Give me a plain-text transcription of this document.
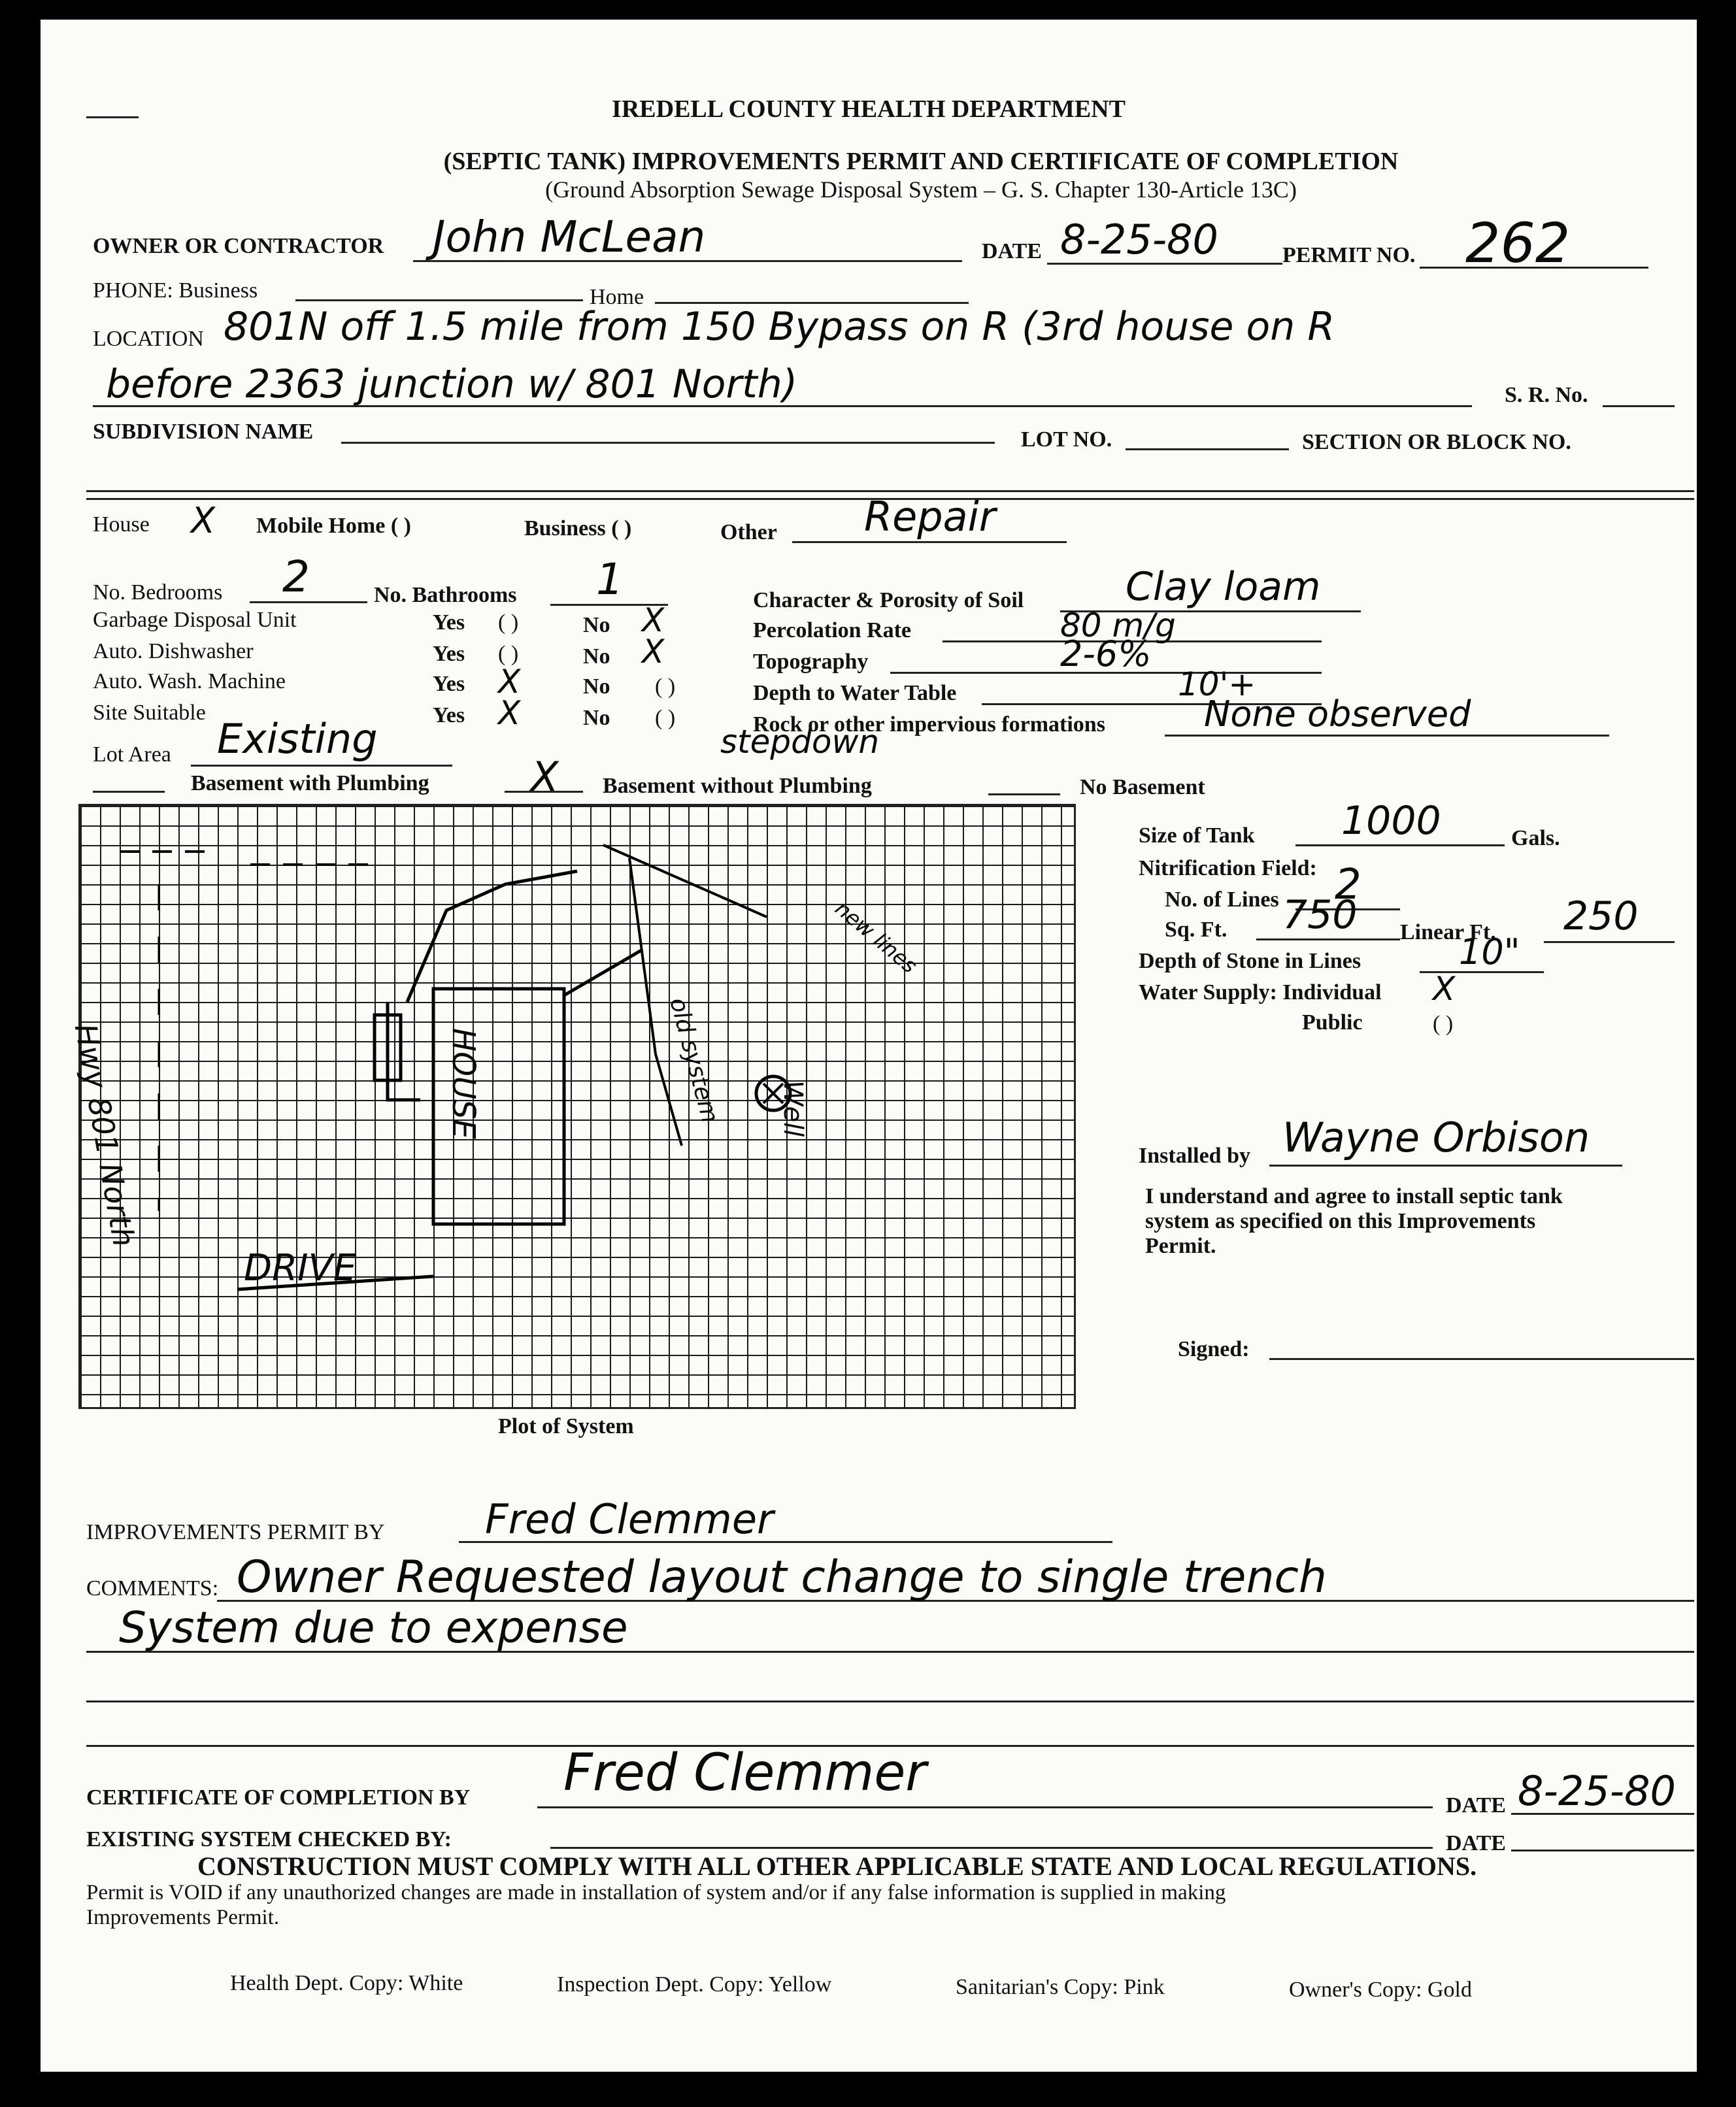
IREDELL COUNTY HEALTH DEPARTMENT
(SEPTIC TANK) IMPROVEMENTS PERMIT AND CERTIFICATE OF COMPLETION
(Ground Absorption Sewage Disposal System – G. S. Chapter 130-Article 13C)
OWNER OR CONTRACTOR John McLean	DATE 8-25-80	PERMIT NO. 262
PHONE: Business	Home
LOCATION 801N off 1.5 mile from 150 Bypass on R (3rd house on R
before 2363 junction w/ 801 North)	S. R. No.
SUBDIVISION NAME	LOT NO.	SECTION OR BLOCK NO.
House X Mobile Home ( )	Business ( )	Other Repair
No. Bedrooms 2	No. Bathrooms 1
Garbage Disposal Unit	Yes ( )	No X
Auto. Dishwasher	Yes ( )	No X
Auto. Wash. Machine	Yes X	No ( )
Site Suitable	Yes X	No ( )
Character & Porosity of Soil	Clay loam
Percolation Rate	80 m/g
Topography	2-6%
Depth to Water Table	10'+
Rock or other impervious formations	None observed
Lot Area Existing	stepdown
Basement with Plumbing	X Basement without Plumbing	No Basement
HOUSE
DRIVE
Hwy 801 North	Well
old system
new lines
Plot of System
Size of Tank 1000	Gals.
Nitrification Field:
No. of Lines 2
Sq. Ft. 750 Linear Ft. 250
Depth of Stone in Lines	10"
Water Supply: Individual X
Public	( )
Installed by Wayne Orbison
I understand and agree to install septic tank
system as specified on this Improvements
Permit.
Signed:
IMPROVEMENTS PERMIT BY Fred Clemmer
COMMENTS: Owner Requested layout change to single trench
System due to expense
CERTIFICATE OF COMPLETION BY Fred Clemmer
DATE 8-25-80
EXISTING SYSTEM CHECKED BY:	DATE
CONSTRUCTION MUST COMPLY WITH ALL OTHER APPLICABLE STATE AND LOCAL REGULATIONS.
Permit is VOID if any unauthorized changes are made in installation of system and/or if any false information is supplied in making
Improvements Permit.
Health Dept. Copy: White	Inspection Dept. Copy: Yellow	Sanitarian's Copy: Pink	Owner's Copy: Gold
